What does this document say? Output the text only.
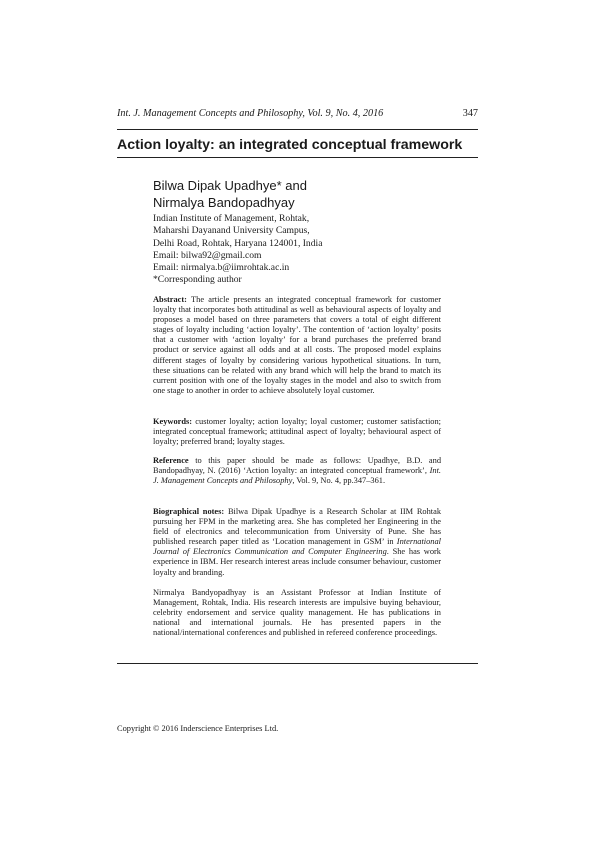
Int. J. Management Concepts and Philosophy, Vol. 9, No. 4, 2016	347
Action loyalty: an integrated conceptual framework
Bilwa Dipak Upadhye* and
Nirmalya Bandopadhyay
Indian Institute of Management, Rohtak,
Maharshi Dayanand University Campus,
Delhi Road, Rohtak, Haryana 124001, India
Email: bilwa92@gmail.com
Email: nirmalya.b@iimrohtak.ac.in
*Corresponding author
Abstract: The article presents an integrated conceptual framework for customer loyalty that incorporates both attitudinal as well as behavioural aspects of loyalty and proposes a model based on three parameters that covers a total of eight different stages of loyalty including ‘action loyalty’. The contention of ‘action loyalty’ posits that a customer with ‘action loyalty’ for a brand purchases the preferred brand product or service against all odds and at all costs. The proposed model explains different stages of loyalty by considering various hypothetical situations. In turn, these situations can be related with any brand which will help the brand to match its current position with one of the loyalty stages in the model and also to switch from one stage to another in order to achieve absolutely loyal customer.
Keywords: customer loyalty; action loyalty; loyal customer; customer satisfaction; integrated conceptual framework; attitudinal aspect of loyalty; behavioural aspect of loyalty; preferred brand; loyalty stages.
Reference to this paper should be made as follows: Upadhye, B.D. and Bandopadhyay, N. (2016) ‘Action loyalty: an integrated conceptual framework’, Int. J. Management Concepts and Philosophy, Vol. 9, No. 4, pp.347–361.
Biographical notes: Bilwa Dipak Upadhye is a Research Scholar at IIM Rohtak pursuing her FPM in the marketing area. She has completed her Engineering in the field of electronics and telecommunication from University of Pune. She has published research paper titled as ‘Location management in GSM’ in International Journal of Electronics Communication and Computer Engineering. She has work experience in IBM. Her research interest areas include consumer behaviour, customer loyalty and branding.
Nirmalya Bandyopadhyay is an Assistant Professor at Indian Institute of Management, Rohtak, India. His research interests are impulsive buying behaviour, celebrity endorsement and service quality management. He has publications in national and international journals. He has presented papers in the national/international conferences and published in refereed conference proceedings.
Copyright © 2016 Inderscience Enterprises Ltd.
